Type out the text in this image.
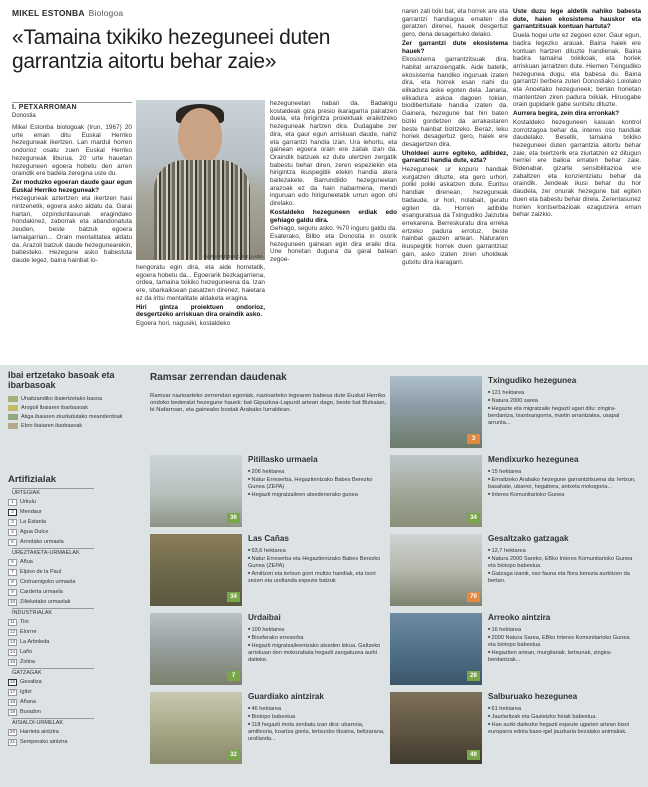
MIKEL ESTONBA Biologoa
«Tamaina txikiko hezeguneei duten garrantzia aitortu behar zaie»
I. PETXARROMAN
Donostia

Mikel Estonba biologoak (Irun, 1967) 20 urte eman ditu Euskal Herriko hezeguneak ikertzen. Lan mardul horren ondorioz osatu zuen Euskal Herriko hezeguneak liburua. 20 urte hauetan hezeguneen egoera hobetu den arren oraindik ere badela zeregina uste du.

Zer moduzko egoeran daude gaur egun Euskal Herriko hezeguneak?

Hezeguneak aztertzen eta ikertzen hasi nintzenetik, egoera asko aldatu da. Garai hartan, ozpinduntasunak eragindako hondakinez, zaborrak eta abandonatuta zeuden, beste batzuk egoera lamaigarrian... Orain mentalitatea aldatu da. Arazoli batzuk daude hezegunearekin, babesteko. Hezegune asko babestuta daude legez, baina hainbat lo-

GARA/ANDONI CANELLADA

hengoratu egin dira, eta aide horretatik, egoera hobetu da... Egoerarik bezkagarriena, ordea, tamaina txikiko hezeguneena da. Izan ere, sbarkaiksean pasatzen direnez, haietara ez da iritsi mentalitate aldaketa eragina.

Hiri gintza proiektuen ondorioz, desgertzeko arriskuan dira oraindik asko.

Egoera hori, nagusiki, kostaldeko

hezeguneetan nabari da. Badakigu kostaldeak giza presio ikaragarria pairatzen duela, eta hirigintza proiektuak eraikitzeko hezeguneak hartzen dira. Dudagabe zer dira, eta gaur egun arriskuan daude, nahiz eta garrantzi handia izan. Ura lehortu, eta gainean egoera orain ere zailak izan da. Oraindik batzuek ez dute ulertzen zergatik babestu behar diren, zeren espeziekin eta hirigintza ikuspegitik etekin handia atera baitezakete. Barrundildo hezeguneetan arazoak ez da hain nabarmena, mendi inguruan edo hiriguneetatik urrun egon ohi direlako.

Kostaldeko hezeguneen erdiak edo gehiago galdu dira.

Gehiago, seguru asko. %70 inguru galdu da. Esaterako, Bilbo eta Donostia in osorik hezeguneen gainean egin dira eraiki dira. Une honetan duguna da garai batean zegoe-

naren zati txiki bat, eta horrek are eta garrantzi handiagoa ematen die geratzen direnei, hauek desgertuz gero, dena desagertuko delako.

Zer garrantzi dute ekosistema hauek?

Ekosistema garrantzitsuak dira, habitat arrazoiengatik. Aide batetik, ekosistema handiko inguruak izaten dira, eta horrek esan nahi du elikadura aske egoten dela. Janaria, elikadura askoa dagoen tokian, biodibertsitate handia izaten da. Gainera, hezegune bat hiri baten biziki gordetzen da arrakastaren beste hainbat bizitzeko. Beraz, leku horiek desagertuz gero, haiek ere desagertzen dira.

Uholdeei aurre egiteko, adibidez, garrantzi handia dute, ezta?

Hezeguneek ur kopuru handiak xurgatzen dituzte, eta gero urhori, poliki poliki askatzen dute. Euritsu handiak direnean, hezeguneak badaude, ur hori, nolabait, geratu egiten da. Horren adibide esanguratsua da Txingudiko Jaizubia errekarena. Berreskuratu dira erreka ertzeko padura errotuz, beste hainbat gauzen artean. Naturaren ikuspegitik horrek duen garrantziaz gain, asko izaten ziren uholdeak gutxitu dira ikaragarri.

Uste duzu lege aldetik nahiko babesta dute, haien ekosistema hauskor eta garrantzitsuak kontuan hartuta?

Duela hogei urte ez zegoen ezer. Gaur egun, badira legezko arauak. Baina haiek ere kontuan hartzen dituzte handienak. Baina badira tamaina txikikoak, eta horiek arriskuan jarraitzen dute. Hiemen Txingudiko hezegunea dugu, eta babesa du. Baina garrantzi berbera zuten Donostiako Loiolako eta Anoetako hezeguneek; bertan horietan mantentzen ziren padura txikiak. Hiruogabe orain gupidarik gabe suntsitu dituzte.

Aurrera begira, zein dira erronkak?

Kostaldeko hezeguneen kasuan kontrol zorrotzagoa behar da, interes oso handiak daudelako. Besetik, tamaina txikiko hezeguneei duten garrantzia aitortu behar zaie, eta txertzerik era ziurtatzen ez ditugun herriei ere balioa ematen behar zaie. Bidenabar, gizarte sensibilitazioa ere zabaltzen eta konzientziatu behar da oraindik. Jendeak ikusi behar du hor daudela, zer onurak hezegune bat egiten duen eta babestu behar direla. Zerentasunez horien kontserbazioak ezagutzera eman behar zaizkio.

Ibai ertzetako basoak eta ibarbasoak
Uhaitzandiko ibaiertzetako basoa
Arogoil Ibaiaren ibarbasoak
Atiga ibaiaren zkurkatutako meanderdoak
Ebro ibaiaren ibarbasoak
Artifizialak
URTEGIAK
1	Urkulu
2	Mendaur
3	La Estanla
4	Agua Dulce
5	Arrodako urmaela
UREZTAKETA-URMAELAK
6	Añua
7	Elpiso de la Paul
8	Cintruenigoko urmaela
9	Carderta urmaela
10 Zilieketako urmaelak
INDUSTRIALAK
11 Tioi
12 Elorrre
13 La Arboleda
14 Laño
15 Zolina
GATZAGAK
16 Gesaltza
17 Igitzr
18 Añana
19 Buradon
AISIALDI-URMELAK
20 Harrieta aintzira
21 Semperako aintzira
Ramsar zerrendan daudenak
Ramsar nazioarteko zerrendan egoniak, nazioarteko legearen babesa dute Euskal Herriko ondoko bederatzi hezegune hauek: bat Gipuzkoa-Lapurdi artean dago, beste bat Bizkaian, bi Nafarroan, eta gaineako bostak Arabako lurraldean.
36
Pitillasko urmaela
■ 206 hektarea
■ Natur Erreserba, Hegaztientzako Babes Berezko Gunea (ZEPA)
■ Hegazti migratzaileen atsedenerako gunea
34
Las Cañas
■ 93,6 hektarea
■ Natur Erreserba eta Hegaztientzako Babes Berezko Gunea (ZEPA)
■ Amiltzori eta lertxun gorri multzo handiak, eta txori zezen eta urollanda espezie batzuk
7
Urdaibai
■ 100 hektarea
■ Biosferako erreserba
■ Hegazti migratzaileentzako atseden lekua. Galtzeko arriskuan den mokozabala hegazti zangaluzea aurki daiteke.
32
Guardiako aintzirak
■ 46 hektarea
■ Biotopo babestua
■ 118 hegazti mota zenbatu izan dira: ubarroia, amiltxoria, koartza gonla, lertsunbo iltzaina, beltzarana, urollanda...
3
Txingudiko hezegunea
■ 121 hektarea
■ Natura 2000 sarea
■ Hegazte eta migratzaile hegazti ugari ditu: zingira-berdantza, txantxangorria, martin arrantzalea, usapal arrunta...
34
Mendixurko hezegunea
■ 15 hektarea
■ Ernaltzeko Arabako hezegune garrantzitsuena da: lertxun, basahate, ubarroi, hegabera, antxeta mokogoria...
■ Interes Komunitarioko Gunea
70
Gesaltzako gatzagak
■ 12,7 hektarea
■ Natura 2000 Sareko, EBko Interes Komunitarioko Gunea eta biotopo babestua
■ Gatzaga izanik, oso fauna eta flora berezia aurkitzen da bertan.
29
Arreoko aintzira
■ 16 hektarea
■ 2000 Natura Sarea, EBko Interes Komunitarioko Gunea eta biotopo babestua
■ Hegaztien artean, murgilariak, lertxunak, zingira-berdantzak...
49
Salburuako hezegunea
■ 61 hektarea
■ Jaurlaritzak eta Gasteizko hiriak babestua.
■ Han aurki daitezke hegazti espezie ugarien artean bisoi europarra edota baso-igel jauzkaria bezalako animaliak.
